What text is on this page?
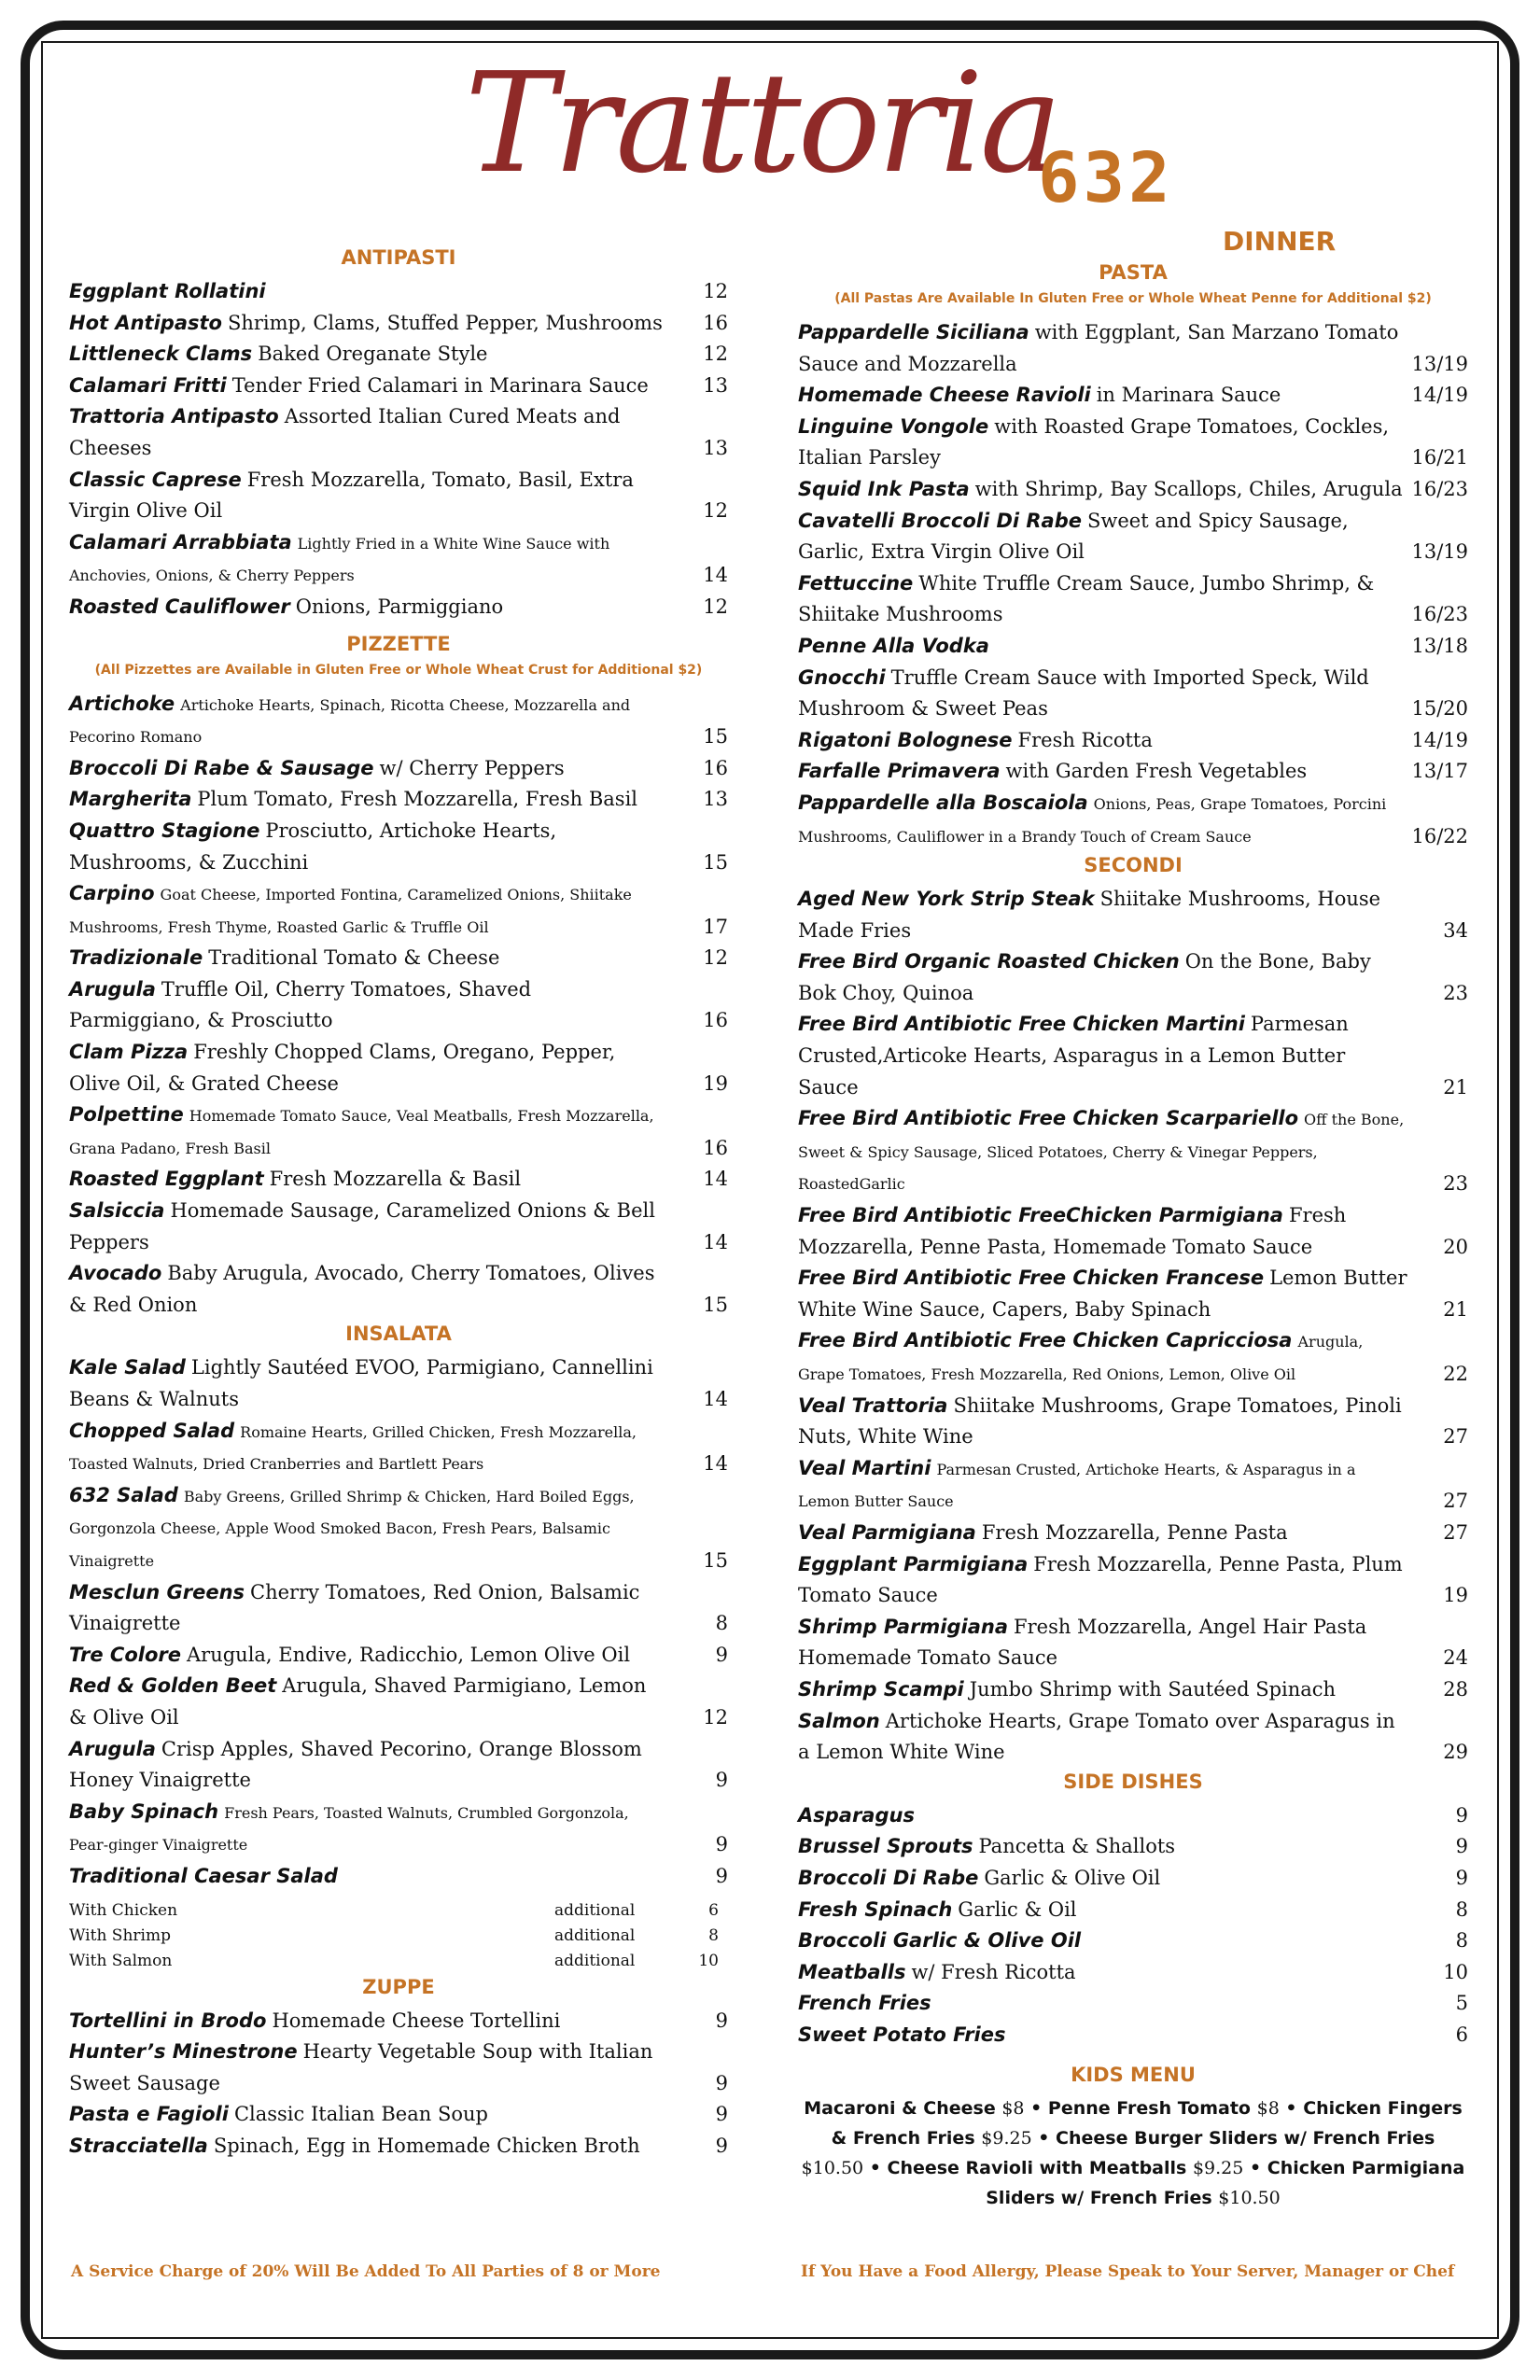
Trattoria
632
DINNER
ANTIPASTI
Eggplant Rollatini	12
Hot Antipasto Shrimp, Clams, Stuffed Pepper, Mushrooms	16
Littleneck Clams Baked Oreganate Style	12
Calamari Fritti Tender Fried Calamari in Marinara Sauce	13
Trattoria Antipasto Assorted Italian Cured Meats and Cheeses	13
Classic Caprese Fresh Mozzarella, Tomato, Basil, Extra Virgin Olive Oil	12
Calamari Arrabbiata Lightly Fried in a White Wine Sauce with Anchovies, Onions, & Cherry Peppers	14
Roasted Cauliflower Onions, Parmiggiano	12
PIZZETTE
(All Pizzettes are Available in Gluten Free or Whole Wheat Crust for Additional $2)
Artichoke Artichoke Hearts, Spinach, Ricotta Cheese, Mozzarella and Pecorino Romano	15
Broccoli Di Rabe & Sausage w/ Cherry Peppers	16
Margherita Plum Tomato, Fresh Mozzarella, Fresh Basil	13
Quattro Stagione Prosciutto, Artichoke Hearts, Mushrooms, & Zucchini	15
Carpino Goat Cheese, Imported Fontina, Caramelized Onions, Shiitake Mushrooms, Fresh Thyme, Roasted Garlic & Truffle Oil	17
Tradizionale Traditional Tomato & Cheese	12
Arugula Truffle Oil, Cherry Tomatoes, Shaved Parmiggiano, & Prosciutto	16
Clam Pizza Freshly Chopped Clams, Oregano, Pepper, Olive Oil, & Grated Cheese	19
Polpettine Homemade Tomato Sauce, Veal Meatballs, Fresh Mozzarella, Grana Padano, Fresh Basil	16
Roasted Eggplant Fresh Mozzarella & Basil	14
Salsiccia Homemade Sausage, Caramelized Onions & Bell Peppers	14
Avocado Baby Arugula, Avocado, Cherry Tomatoes, Olives & Red Onion	15
INSALATA
Kale Salad Lightly Sautéed EVOO, Parmigiano, Cannellini Beans & Walnuts	14
Chopped Salad Romaine Hearts, Grilled Chicken, Fresh Mozzarella, Toasted Walnuts, Dried Cranberries and Bartlett Pears	14
632 Salad Baby Greens, Grilled Shrimp & Chicken, Hard Boiled Eggs, Gorgonzola Cheese, Apple Wood Smoked Bacon, Fresh Pears, Balsamic Vinaigrette	15
Mesclun Greens Cherry Tomatoes, Red Onion, Balsamic Vinaigrette	8
Tre Colore Arugula, Endive, Radicchio, Lemon Olive Oil	9
Red & Golden Beet Arugula, Shaved Parmigiano, Lemon & Olive Oil	12
Arugula Crisp Apples, Shaved Pecorino, Orange Blossom Honey Vinaigrette	9
Baby Spinach Fresh Pears, Toasted Walnuts, Crumbled Gorgonzola, Pear-ginger Vinaigrette	9
Traditional Caesar Salad	9
With Chicken	additional	6
With Shrimp	additional	8
With Salmon	additional	10
ZUPPE
Tortellini in Brodo Homemade Cheese Tortellini	9
Hunter’s Minestrone Hearty Vegetable Soup with Italian Sweet Sausage	9
Pasta e Fagioli Classic Italian Bean Soup	9
Stracciatella Spinach, Egg in Homemade Chicken Broth	9
PASTA
(All Pastas Are Available In Gluten Free or Whole Wheat Penne for Additional $2)
Pappardelle Siciliana with Eggplant, San Marzano Tomato Sauce and Mozzarella	13/19
Homemade Cheese Ravioli in Marinara Sauce	14/19
Linguine Vongole with Roasted Grape Tomatoes, Cockles, Italian Parsley	16/21
Squid Ink Pasta with Shrimp, Bay Scallops, Chiles, Arugula 16/23
Cavatelli Broccoli Di Rabe Sweet and Spicy Sausage, Garlic, Extra Virgin Olive Oil	13/19
Fettuccine White Truffle Cream Sauce, Jumbo Shrimp, & Shiitake Mushrooms	16/23
Penne Alla Vodka	13/18
Gnocchi Truffle Cream Sauce with Imported Speck, Wild Mushroom & Sweet Peas	15/20
Rigatoni Bolognese Fresh Ricotta	14/19
Farfalle Primavera with Garden Fresh Vegetables	13/17
Pappardelle alla Boscaiola Onions, Peas, Grape Tomatoes, Porcini Mushrooms, Cauliflower in a Brandy Touch of Cream Sauce	16/22
SECONDI
Aged New York Strip Steak Shiitake Mushrooms, House Made Fries	34
Free Bird Organic Roasted Chicken On the Bone, Baby Bok Choy, Quinoa	23
Free Bird Antibiotic Free Chicken Martini Parmesan Crusted,Articoke Hearts, Asparagus in a Lemon Butter Sauce	21
Free Bird Antibiotic Free Chicken Scarpariello Off the Bone, Sweet & Spicy Sausage, Sliced Potatoes, Cherry & Vinegar Peppers, RoastedGarlic	23
Free Bird Antibiotic FreeChicken Parmigiana Fresh Mozzarella, Penne Pasta, Homemade Tomato Sauce	20
Free Bird Antibiotic Free Chicken Francese Lemon Butter White Wine Sauce, Capers, Baby Spinach	21
Free Bird Antibiotic Free Chicken Capricciosa Arugula, Grape Tomatoes, Fresh Mozzarella, Red Onions, Lemon, Olive Oil	22
Veal Trattoria Shiitake Mushrooms, Grape Tomatoes, Pinoli Nuts, White Wine	27
Veal Martini Parmesan Crusted, Artichoke Hearts, & Asparagus in a Lemon Butter Sauce	27
Veal Parmigiana Fresh Mozzarella, Penne Pasta	27
Eggplant Parmigiana Fresh Mozzarella, Penne Pasta, Plum Tomato Sauce	19
Shrimp Parmigiana Fresh Mozzarella, Angel Hair Pasta Homemade Tomato Sauce	24
Shrimp Scampi Jumbo Shrimp with Sautéed Spinach	28
Salmon Artichoke Hearts, Grape Tomato over Asparagus in a Lemon White Wine	29
SIDE DISHES
Asparagus	9
Brussel Sprouts Pancetta & Shallots	9
Broccoli Di Rabe Garlic & Olive Oil	9
Fresh Spinach Garlic & Oil	8
Broccoli Garlic & Olive Oil	8
Meatballs w/ Fresh Ricotta	10
French Fries	5
Sweet Potato Fries	6
KIDS MENU
Macaroni & Cheese $8 • Penne Fresh Tomato $8 • Chicken Fingers & French Fries $9.25 • Cheese Burger Sliders w/ French Fries $10.50 • Cheese Ravioli with Meatballs $9.25 • Chicken Parmigiana Sliders w/ French Fries $10.50
A Service Charge of 20% Will Be Added To All Parties of 8 or More	If You Have a Food Allergy, Please Speak to Your Server, Manager or Chef
